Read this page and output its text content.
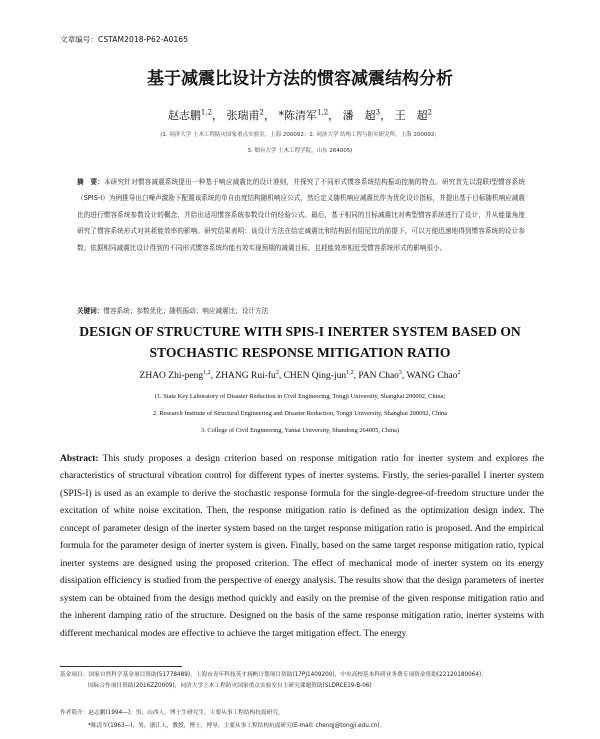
文章编号：CSTAM2018-P62-A0165
基于减震比设计方法的惯容减震结构分析
赵志鹏$^{1,2}$， 张瑞甫$^2$， *陈清军$^{1,2}$， 潘　超$^3$， 王　超$^2$
(1. 同济大学 土木工程防灾国家重点实验室，上海 200092；2. 同济大学 结构工程与防灾研究所，上海 200092；
3. 烟台大学 土木工程学院，山东 264005)
摘　要：本研究针对惯容减震系统提出一种基于响应减震比的设计准则，并探究了不同形式惯容系统结构振动控制的特点。研究首先以混联Ⅰ型惯容系统（SPIS-I）为例推导出白噪声激励下配置该系统的单自由度结构随机响应公式，然后定义随机响应减震比作为优化设计指标，并提出基于目标随机响应减震比的进行惯容系统参数设计的概念，并给出适用惯容系统参数设计的经验公式。最后，基于相同的目标减震比对典型惯容系统进行了设计，并从能量角度研究了惯容系统形式对其耗能效率的影响。研究结果表明：该设计方法在给定减震比和结构固有阻尼比的前提下，可以方便迅速地得到惯容系统的设计参数；依据相同减震比设计得到的不同形式惯容系统均能有效实现预期的减震目标，且耗能效率相近受惯容系统形式的影响很小。
关键词：惯容系统；参数优化；随机振动；响应减震比；设计方法
DESIGN OF STRUCTURE WITH SPIS-I INERTER SYSTEM BASED ON
STOCHASTIC RESPONSE MITIGATION RATIO
ZHAO Zhi-peng$^{1,2}$, ZHANG Rui-$fu^2$, CHEN Qing-jun$^{1,2}$, PAN Chao$^3$, WANG Chao$^2$
(1. State Key Laboratory of Disaster Reduction in Civil Engineering, Tongji University, Shanghai 200092, China;
2. Research Institute of Structural Engineering and Disaster Reduction, Tongji University, Shanghai 200092, China
3. College of Civil Engineering, Yantai University, Shandong 264005, China)
Abstract: This study proposes a design criterion based on response mitigation ratio for inerter system and explores the characteristics of structural vibration control for different types of inerter systems. Firstly, the series-parallel I inerter system (SPIS-I) is used as an example to derive the stochastic response formula for the single-degree-of-freedom structure under the excitation of white noise excitation. Then, the response mitigation ratio is defined as the optimization design index. The concept of parameter design of the inerter system based on the target response mitigation ratio is proposed. And the empirical formula for the parameter design of inerter system is given. Finally, based on the same target response mitigation ratio, typical inerter systems are designed using the proposed criterion. The effect of mechanical mode of inerter system on its energy dissipation efficiency is studied from the perspective of energy analysis. The results show that the design parameters of inerter system can be obtained from the design method quickly and easily on the premise of the given response mitigation ratio and the inherent damping ratio of the structure. Designed on the basis of the same response mitigation ratio, inerter systems with different mechanical modes are effective to achieve the target mitigation effect. The energy
基金项目：国家自然科学基金项目资助(51778489)，上海市青年科技英才扬帆计划项目资助(17PJ1409200)，中央高校基本科研业务费专项资金资助(22120180064)，
国际合作项目资助(2016ZZ0009)，同济大学土木工程防灾国家重点实验室自主研究课题资助(SLDRCE19-B-06)
作者简介：赵志鹏(1994—)，男，山西人，博士生研究生，主要从事工程结构抗震研究。
*陈清军(1963—)，男，浙江人，教授，博士，博导，主要从事工程结构抗震研究(E-mail: chenqj@tongji.edu.cn)。
